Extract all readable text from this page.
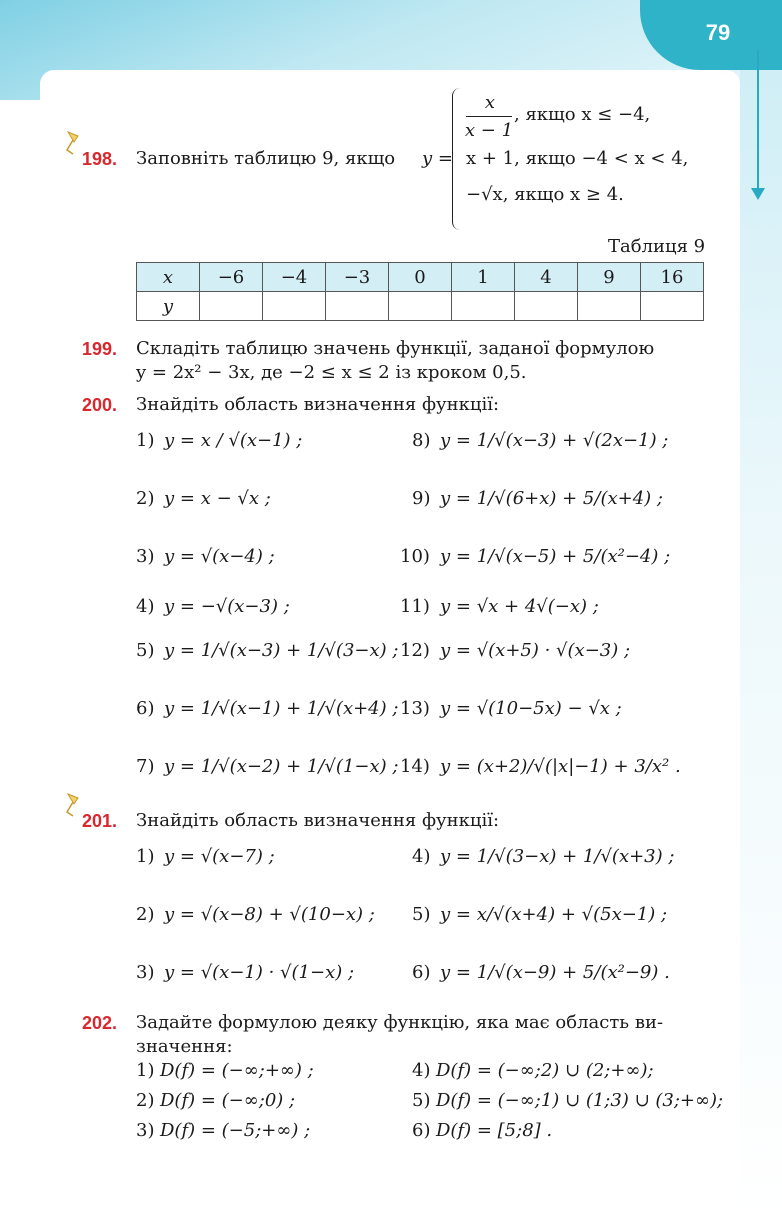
79
198. Заповніть таблицю 9, якщо y =
x
x − 1
, якщо x ≤ −4,
x + 1, якщо −4 < x < 4,
−√x, якщо x ≥ 4.
Таблиця 9
x	−6	−4	−3	0	1	4	9	16
y								
199. Складіть таблицю значень функції, заданої формулою
y = 2x² − 3x, де −2 ≤ x ≤ 2 із кроком 0,5.
200. Знайдіть область визначення функції:
1) y = x / √(x−1) ;
2) y = x − √x ;
3) y = √(x−4) ;
4) y = −√(x−3) ;
5) y = 1/√(x−3) + 1/√(3−x) ;
6) y = 1/√(x−1) + 1/√(x+4) ;
7) y = 1/√(x−2) + 1/√(1−x) ;
8) y = 1/√(x−3) + √(2x−1) ;
9) y = 1/√(6+x) + 5/(x+4) ;
10) y = 1/√(x−5) + 5/(x²−4) ;
11) y = √x + 4√(−x) ;
12) y = √(x+5) · √(x−3) ;
13) y = √(10−5x) − √x ;
14) y = (x+2)/√(|x|−1) + 3/x² .
201. Знайдіть область визначення функції:
1) y = √(x−7) ;
2) y = √(x−8) + √(10−x) ;
3) y = √(x−1) · √(1−x) ;
4) y = 1/√(3−x) + 1/√(x+3) ;
5) y = x/√(x+4) + √(5x−1) ;
6) y = 1/√(x−9) + 5/(x²−9) .
202. Задайте формулою деяку функцію, яка має область ви-
значення:
1) D(f) = (−∞;+∞) ;
2) D(f) = (−∞;0) ;
3) D(f) = (−5;+∞) ;
4) D(f) = (−∞;2) ∪ (2;+∞);
5) D(f) = (−∞;1) ∪ (1;3) ∪ (3;+∞);
6) D(f) = [5;8] .
